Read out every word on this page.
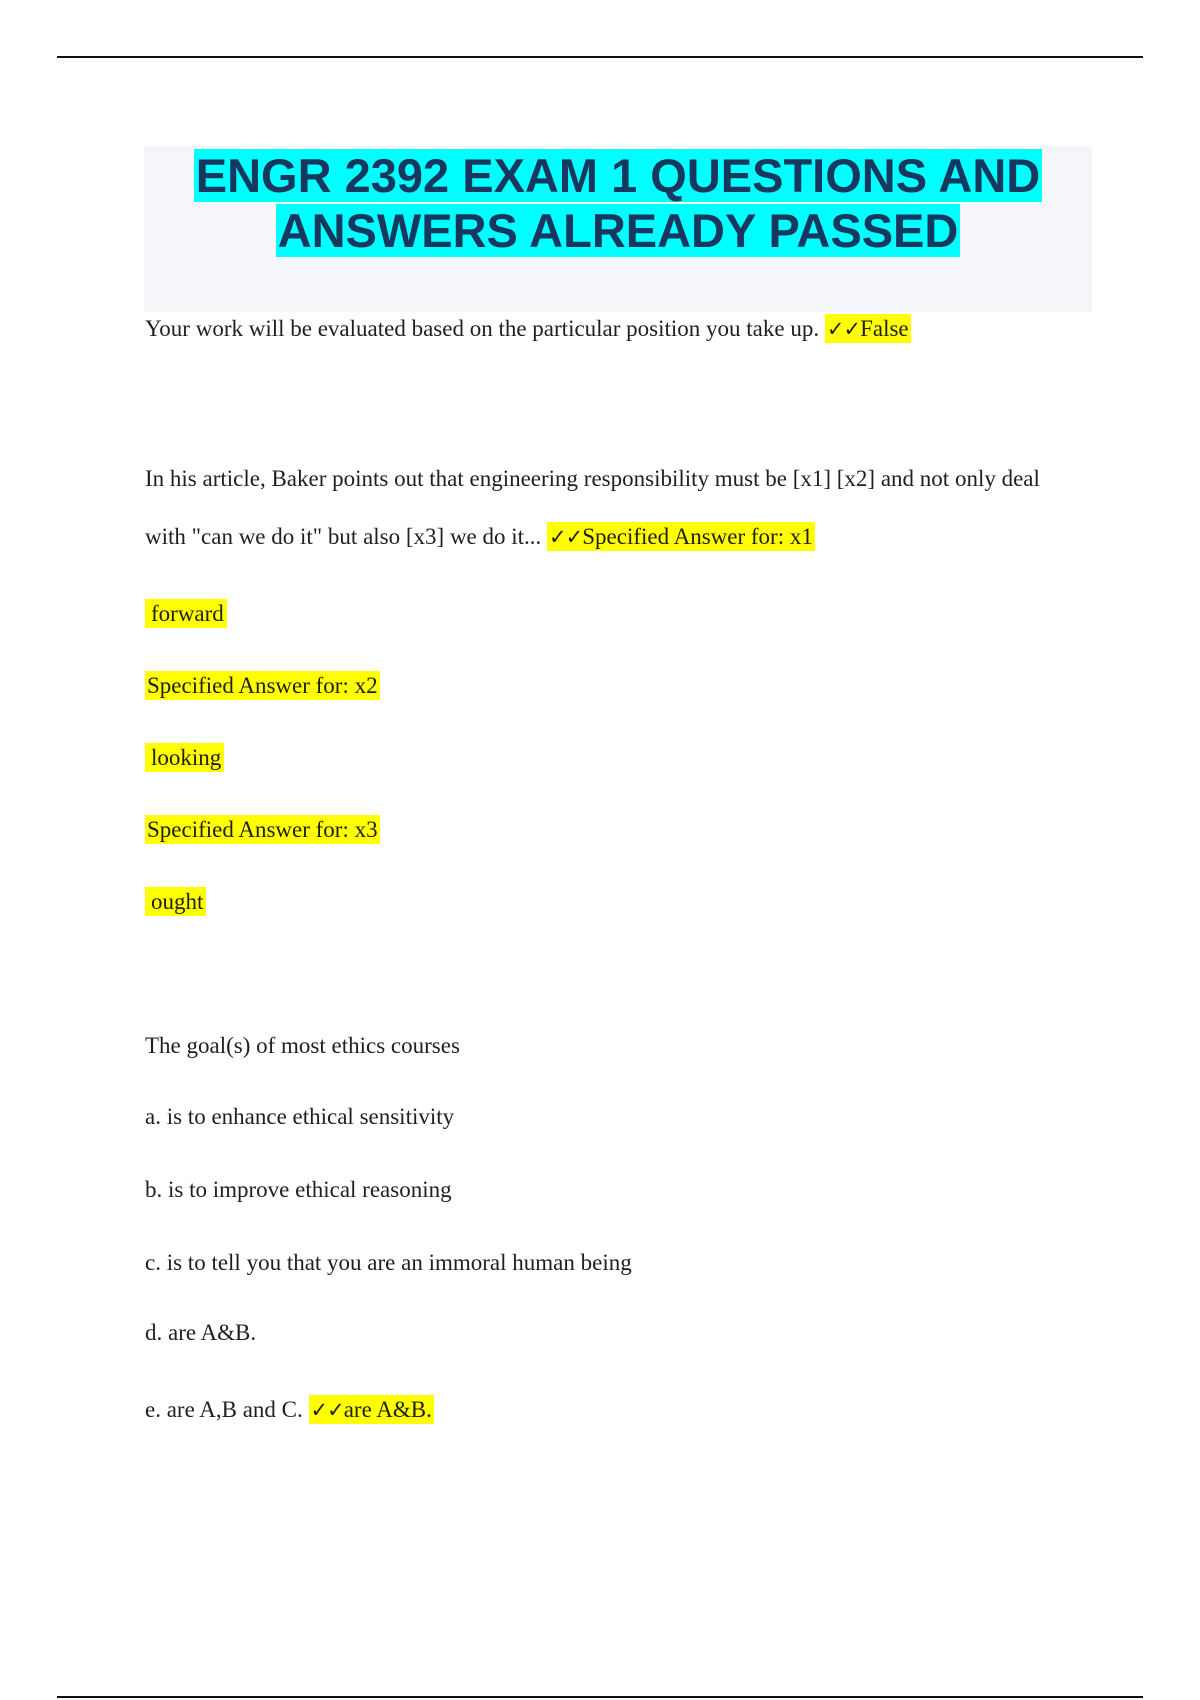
ENGR 2392 EXAM 1 QUESTIONS AND
ANSWERS ALREADY PASSED

Your work will be evaluated based on the particular position you take up. ✓✓False

In his article, Baker points out that engineering responsibility must be [x1] [x2] and not only deal

with "can we do it" but also [x3] we do it... ✓✓Specified Answer for: x1

forward

Specified Answer for: x2

looking

Specified Answer for: x3

ought

The goal(s) of most ethics courses

a. is to enhance ethical sensitivity

b. is to improve ethical reasoning

c. is to tell you that you are an immoral human being

d. are A&B.

e. are A,B and C. ✓✓are A&B.
